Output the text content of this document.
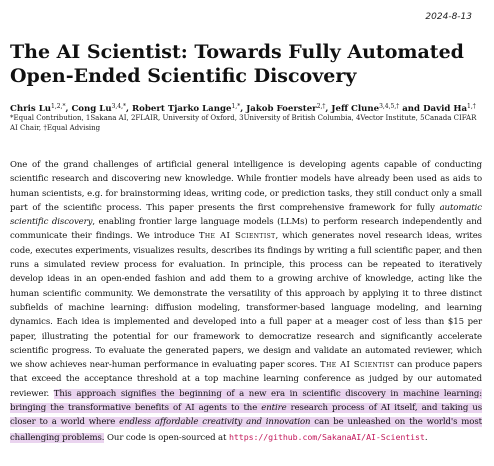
2024-8-13
The AI Scientist: Towards Fully Automated Open-Ended Scientific Discovery
Chris $Lu^{1,2,*}$, Cong $Lu^{3,4,*}$, Robert Tjarko Lange$^{1,*}$, Jakob Foerster$^{2,\dagger}$, Jeff Clune$^{3,4,5,\dagger}$ and David $Ha^{1,\dagger}$
*Equal Contribution, 1Sakana AI, 2FLAIR, University of Oxford, 3University of British Columbia, 4Vector Institute, 5Canada CIFAR
AI Chair, †Equal Advising

One of the grand challenges of artificial general intelligence is developing agents capable of conducting scientific research and discovering new knowledge. While frontier models have already been used as aids to human scientists, e.g. for brainstorming ideas, writing code, or prediction tasks, they still conduct only a small part of the scientific process. This paper presents the first comprehensive framework for fully automatic scientific discovery, enabling frontier large language models (LLMs) to perform research independently and communicate their findings. We introduce The AI Scientist, which generates novel research ideas, writes code, executes experiments, visualizes results, describes its findings by writing a full scientific paper, and then runs a simulated review process for evaluation. In principle, this process can be repeated to iteratively develop ideas in an open-ended fashion and add them to a growing archive of knowledge, acting like the human scientific community. We demonstrate the versatility of this approach by applying it to three distinct subfields of machine learning: diffusion modeling, transformer-based language modeling, and learning dynamics. Each idea is implemented and developed into a full paper at a meager cost of less than $15 per paper, illustrating the potential for our framework to democratize research and significantly accelerate scientific progress. To evaluate the generated papers, we design and validate an automated reviewer, which we show achieves near-human performance in evaluating paper scores. The AI Scientist can produce papers that exceed the acceptance threshold at a top machine learning conference as judged by our automated reviewer. This approach signifies the beginning of a new era in scientific discovery in machine learning: bringing the transformative benefits of AI agents to the entire research process of AI itself, and taking us closer to a world where endless affordable creativity and innovation can be unleashed on the world's most challenging problems. Our code is open-sourced at https://github.com/SakanaAI/AI-Scientist.
